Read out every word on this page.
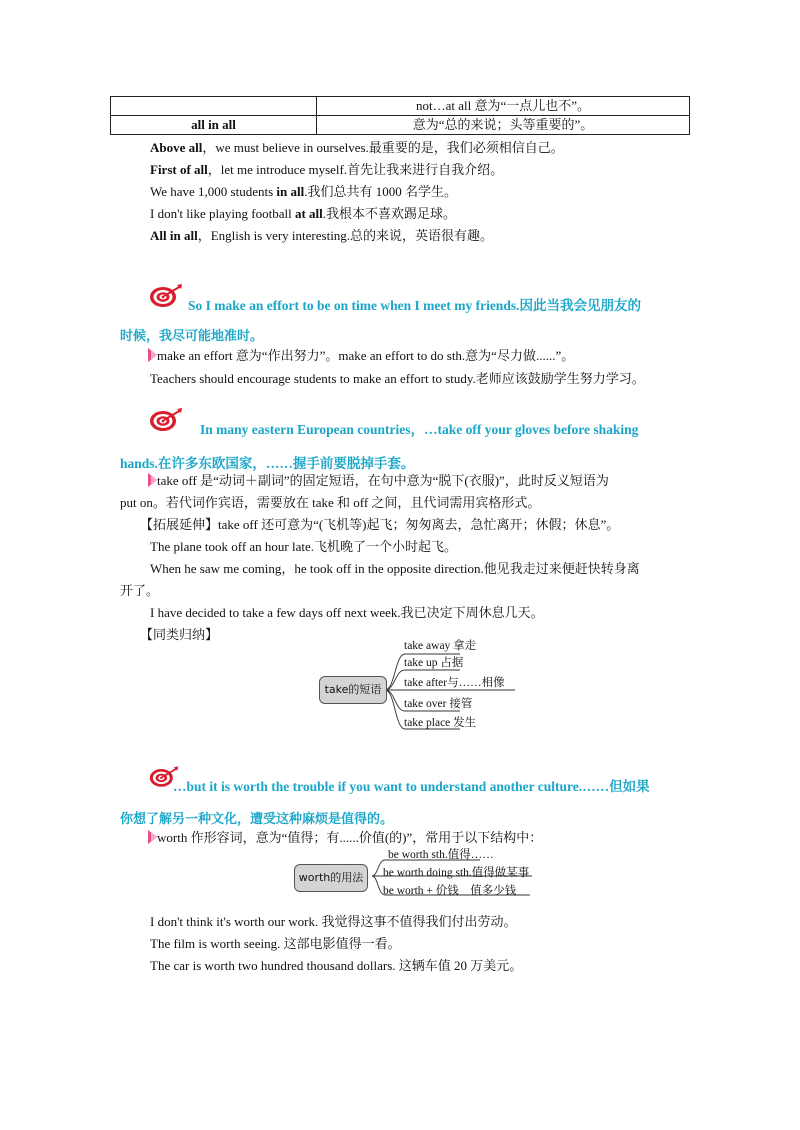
	not…at all 意为“一点儿也不”。
all in all	意为“总的来说；头等重要的”。
Above all，we must believe in ourselves.最重要的是，我们必须相信自己。
First of all，let me introduce myself.首先让我来进行自我介绍。
We have 1,000 students in all.我们总共有 1000 名学生。
I don't like playing football at all.我根本不喜欢踢足球。
All in all，English is very interesting.总的来说，英语很有趣。
So I make an effort to be on time when I meet my friends.因此当我会见朋友的
时候，我尽可能地准时。
make an effort 意为“作出努力”。make an effort to do sth.意为“尽力做......”。
Teachers should encourage students to make an effort to study.老师应该鼓励学生努力学习。
In many eastern European countries，…take off your gloves before shaking
hands.在许多东欧国家，……握手前要脱掉手套。
take off 是“动词＋副词”的固定短语，在句中意为“脱下(衣服)”，此时反义短语为
put on。若代词作宾语，需要放在 take 和 off 之间，且代词需用宾格形式。
【拓展延伸】take off 还可意为“(飞机等)起飞；匆匆离去，急忙离开；休假；休息”。
The plane took off an hour late.飞机晚了一个小时起飞。
When he saw me coming，he took off in the opposite direction.他见我走过来便赶快转身离
开了。
I have decided to take a few days off next week.我已决定下周休息几天。
【同类归纳】
take的短语
take away 拿走
take up 占据
take after与……相像
take over 接管
take place 发生
…but it is worth the trouble if you want to understand another culture.……但如果
你想了解另一种文化，遭受这种麻烦是值得的。
worth 作形容词，意为“值得；有......价值(的)”，常用于以下结构中：
worth的用法
be worth sth.值得……
be worth doing sth.值得做某事
be worth + 价钱　值多少钱
I don't think it's worth our work. 我觉得这事不值得我们付出劳动。
The film is worth seeing. 这部电影值得一看。
The car is worth two hundred thousand dollars. 这辆车值 20 万美元。
